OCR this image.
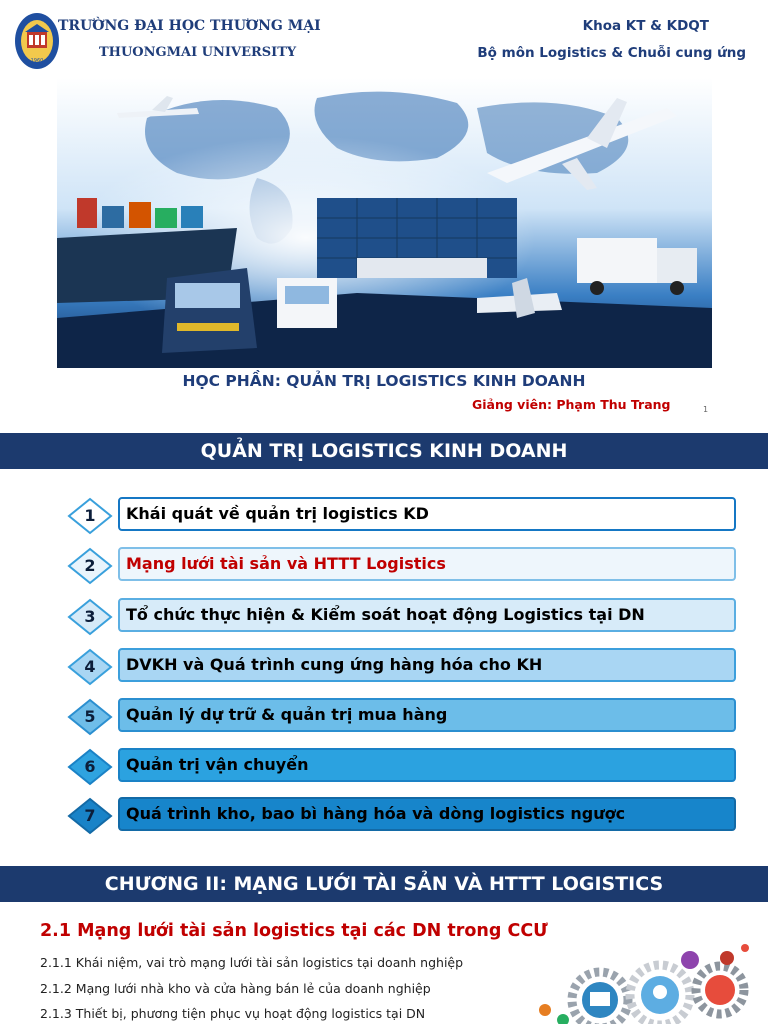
1960
TRƯỜNG ĐẠI HỌC THƯƠNG MẠI
THUONGMAI UNIVERSITY
Khoa KT & KDQT
Bộ môn Logistics & Chuỗi cung ứng
HỌC PHẦN: QUẢN TRỊ LOGISTICS KINH DOANH
Giảng viên: Phạm Thu Trang	1
QUẢN TRỊ LOGISTICS KINH DOANH
1	Khái quát về quản trị logistics KD
2	Mạng lưới tài sản và HTTT Logistics
3	Tổ chức thực hiện & Kiểm soát hoạt động Logistics tại DN
4	DVKH và Quá trình cung ứng hàng hóa cho KH
5	Quản lý dự trữ & quản trị mua hàng
6	Quản trị vận chuyển
7	Quá trình kho, bao bì hàng hóa và dòng logistics ngược
CHƯƠNG II: MẠNG LƯỚI TÀI SẢN VÀ HTTT LOGISTICS
2.1 Mạng lưới tài sản logistics tại các DN trong CCƯ
2.1.1 Khái niệm, vai trò mạng lưới tài sản logistics tại doanh nghiệp
2.1.2 Mạng lưới nhà kho và cửa hàng bán lẻ của doanh nghiệp
2.1.3 Thiết bị, phương tiện phục vụ hoạt động logistics tại DN
